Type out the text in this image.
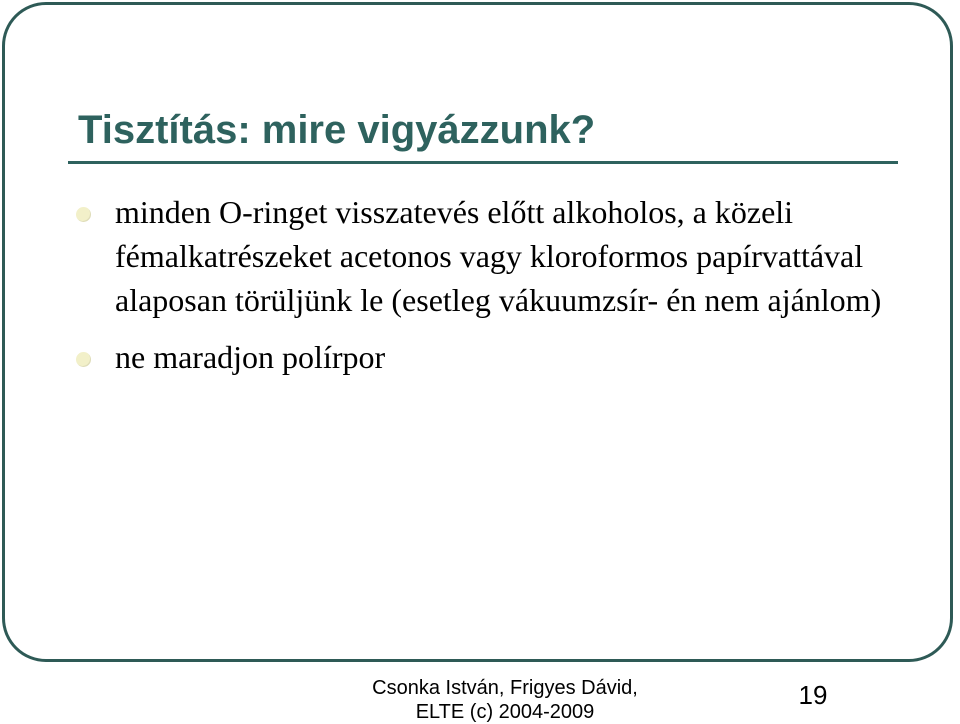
Tisztítás: mire vigyázzunk?
minden O-ringet visszatevés előtt alkoholos, a közeli fémalkatrészeket acetonos vagy kloroformos papírvattával alaposan törüljünk le (esetleg vákuumzsír- én nem ajánlom)
ne maradjon polírpor
Csonka István, Frigyes Dávid,
ELTE (c) 2004-2009
19
